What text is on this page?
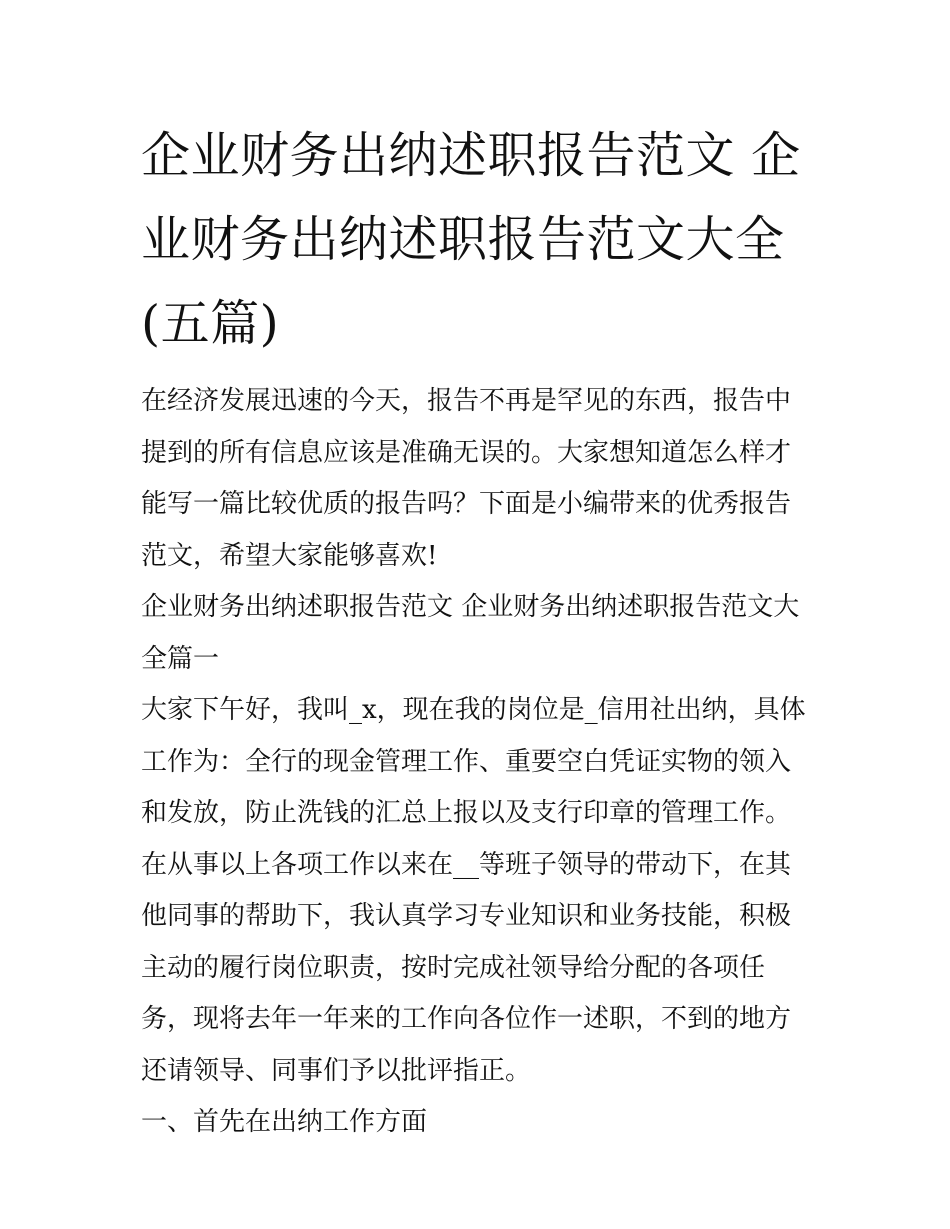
企业财务出纳述职报告范文 企业财务出纳述职报告范文大全(五篇)

在经济发展迅速的今天，报告不再是罕见的东西，报告中提到的所有信息应该是准确无误的。大家想知道怎么样才能写一篇比较优质的报告吗？下面是小编带来的优秀报告范文，希望大家能够喜欢!

企业财务出纳述职报告范文 企业财务出纳述职报告范文大全篇一

大家下午好，我叫_x，现在我的岗位是_信用社出纳，具体工作为：全行的现金管理工作、重要空白凭证实物的领入和发放，防止洗钱的汇总上报以及支行印章的管理工作。在从事以上各项工作以来在__等班子领导的带动下，在其他同事的帮助下，我认真学习专业知识和业务技能，积极主动的履行岗位职责，按时完成社领导给分配的各项任务，现将去年一年来的工作向各位作一述职，不到的地方还请领导、同事们予以批评指正。

一、首先在出纳工作方面
